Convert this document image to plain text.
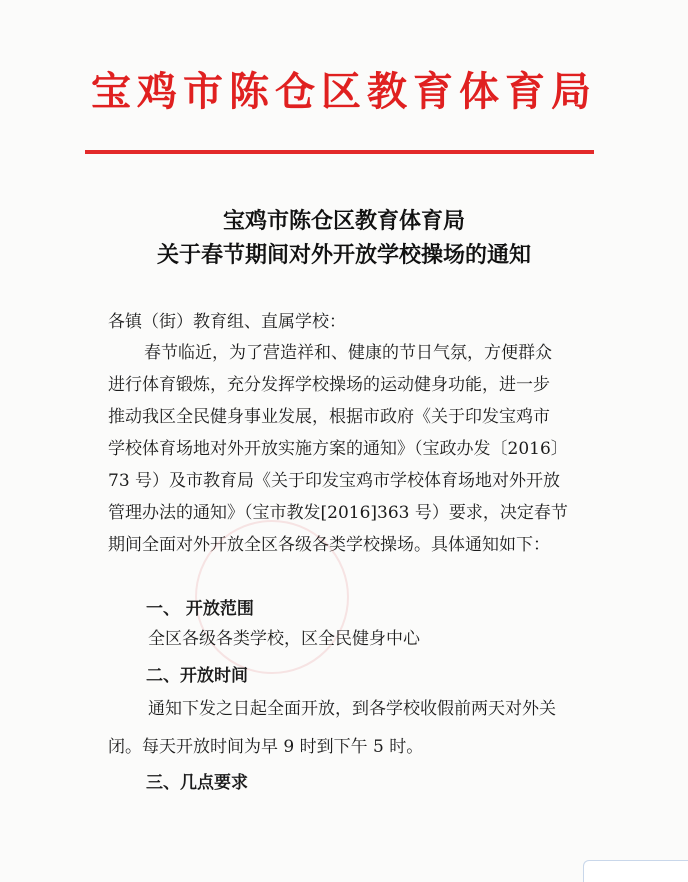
宝鸡市陈仓区教育体育局
宝鸡市陈仓区教育体育局
关于春节期间对外开放学校操场的通知
各镇（街）教育组、直属学校：
春节临近，为了营造祥和、健康的节日气氛，方便群众
进行体育锻炼，充分发挥学校操场的运动健身功能，进一步
推动我区全民健身事业发展，根据市政府《关于印发宝鸡市
学校体育场地对外开放实施方案的通知》（宝政办发〔2016〕
73 号）及市教育局《关于印发宝鸡市学校体育场地对外开放
管理办法的通知》（宝市教发[2016]363 号）要求，决定春节
期间全面对外开放全区各级各类学校操场。具体通知如下：
一、 开放范围
全区各级各类学校，区全民健身中心
二、开放时间
通知下发之日起全面开放，到各学校收假前两天对外关
闭。每天开放时间为早 9 时到下午 5 时。
三、几点要求
